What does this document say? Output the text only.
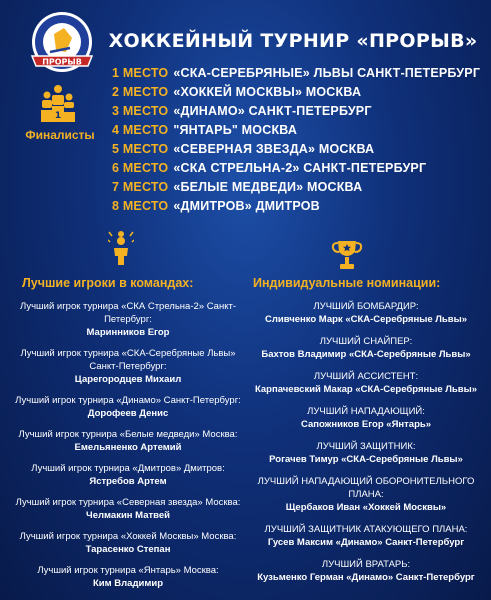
ПРОРЫВ
ХОККЕЙНЫЙ ТУРНИР «ПРОРЫВ»
1
Финалисты
1 МЕСТО «СКА-СЕРЕБРЯНЫЕ» ЛЬВЫ САНКТ-ПЕТЕРБУРГ
2 МЕСТО «ХОККЕЙ МОСКВЫ» МОСКВА
3 МЕСТО «ДИНАМО» САНКТ-ПЕТЕРБУРГ
4 МЕСТО "ЯНТАРЬ" МОСКВА
5 МЕСТО «СЕВЕРНАЯ ЗВЕЗДА» МОСКВА
6 МЕСТО «СКА СТРЕЛЬНА-2» САНКТ-ПЕТЕРБУРГ
7 МЕСТО «БЕЛЫЕ МЕДВЕДИ» МОСКВА
8 МЕСТО «ДМИТРОВ» ДМИТРОВ
Лучшие игроки в командах:	Индивидуальные номинации:
Лучший игрок турнира «СКА Стрельна-2» Санкт-Петербург:
Маринников Егор
Лучший игрок турнира «СКА-Серебряные Львы» Санкт-Петербург:
Царегородцев Михаил
Лучший игрок турнира «Динамо» Санкт-Петербург:
Дорофеев Денис
Лучший игрок турнира «Белые медведи» Москва:
Емельяненко Артемий
Лучший игрок турнира «Дмитров» Дмитров:
Ястребов Артем
Лучший игрок турнира «Северная звезда» Москва:
Челмакин Матвей
Лучший игрок турнира «Хоккей Москвы» Москва:
Тарасенко Степан
Лучший игрок турнира «Янтарь» Москва:
Ким Владимир
ЛУЧШИЙ БОМБАРДИР:
Сливченко Марк «СКА-Серебряные Львы»
ЛУЧШИЙ СНАЙПЕР:
Бахтов Владимир «СКА-Серебряные Львы»
ЛУЧШИЙ АССИСТЕНТ:
Карпачевский Макар «СКА-Серебряные Львы»
ЛУЧШИЙ НАПАДАЮЩИЙ:
Сапожников Егор «Янтарь»
ЛУЧШИЙ ЗАЩИТНИК:
Рогачев Тимур «СКА-Серебряные Львы»
ЛУЧШИЙ НАПАДАЮЩИЙ ОБОРОНИТЕЛЬНОГО ПЛАНА:
Щербаков Иван «Хоккей Москвы»
ЛУЧШИЙ ЗАЩИТНИК АТАКУЮЩЕГО ПЛАНА:
Гусев Максим «Динамо» Санкт-Петербург
ЛУЧШИЙ ВРАТАРЬ:
Кузьменко Герман «Динамо» Санкт-Петербург
